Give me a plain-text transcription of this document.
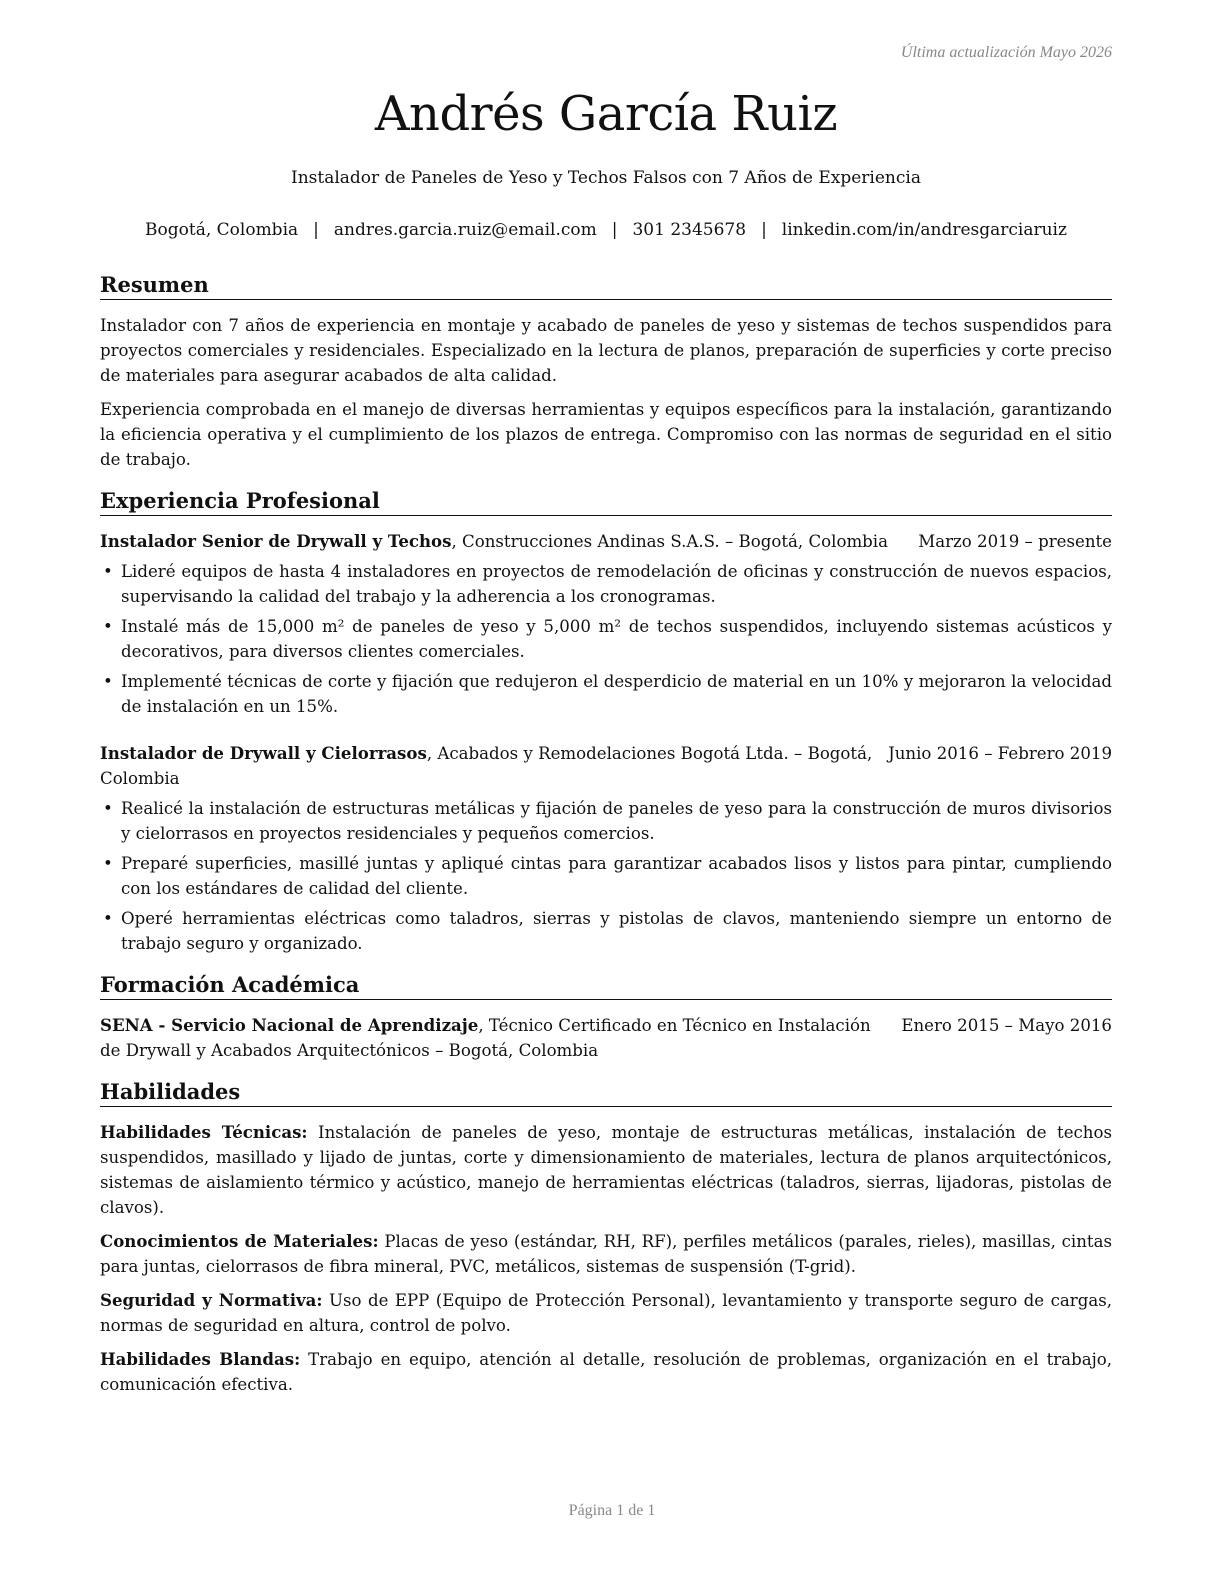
Última actualización Mayo 2026
Andrés García Ruiz
Instalador de Paneles de Yeso y Techos Falsos con 7 Años de Experiencia
Bogotá, Colombia | andres.garcia.ruiz@email.com | 301 2345678 | linkedin.com/in/andresgarciaruiz
Resumen

Instalador con 7 años de experiencia en montaje y acabado de paneles de yeso y sistemas de techos suspendidos para proyectos comerciales y residenciales. Especializado en la lectura de planos, preparación de superficies y corte preciso de materiales para asegurar acabados de alta calidad.

Experiencia comprobada en el manejo de diversas herramientas y equipos específicos para la instalación, garantizando la eficiencia operativa y el cumplimiento de los plazos de entrega. Compromiso con las normas de seguridad en el sitio de trabajo.

Experiencia Profesional
Instalador Senior de Drywall y Techos, Construcciones Andinas S.A.S. – Bogotá, Colombia	Marzo 2019 – presente
• Lideré equipos de hasta 4 instaladores en proyectos de remodelación de oficinas y construcción de nuevos espacios, supervisando la calidad del trabajo y la adherencia a los cronogramas.
• Instalé más de 15,000 m² de paneles de yeso y 5,000 m² de techos suspendidos, incluyendo sistemas acústicos y decorativos, para diversos clientes comerciales.
• Implementé técnicas de corte y fijación que redujeron el desperdicio de material en un 10% y mejoraron la velocidad de instalación en un 15%.
Instalador de Drywall y Cielorrasos, Acabados y Remodelaciones Bogotá Ltda. – Bogotá, Colombia
Junio 2016 – Febrero 2019
• Realicé la instalación de estructuras metálicas y fijación de paneles de yeso para la construcción de muros divisorios y cielorrasos en proyectos residenciales y pequeños comercios.
• Preparé superficies, masillé juntas y apliqué cintas para garantizar acabados lisos y listos para pintar, cumpliendo con los estándares de calidad del cliente.
• Operé herramientas eléctricas como taladros, sierras y pistolas de clavos, manteniendo siempre un entorno de trabajo seguro y organizado.
Formación Académica
SENA - Servicio Nacional de Aprendizaje, Técnico Certificado en Técnico en Instalación de Drywall y Acabados Arquitectónicos – Bogotá, Colombia
Enero 2015 – Mayo 2016
Habilidades

Habilidades Técnicas: Instalación de paneles de yeso, montaje de estructuras metálicas, instalación de techos suspendidos, masillado y lijado de juntas, corte y dimensionamiento de materiales, lectura de planos arquitectónicos, sistemas de aislamiento térmico y acústico, manejo de herramientas eléctricas (taladros, sierras, lijadoras, pistolas de clavos).

Conocimientos de Materiales: Placas de yeso (estándar, RH, RF), perfiles metálicos (parales, rieles), masillas, cintas para juntas, cielorrasos de fibra mineral, PVC, metálicos, sistemas de suspensión (T-grid).

Seguridad y Normativa: Uso de EPP (Equipo de Protección Personal), levantamiento y transporte seguro de cargas, normas de seguridad en altura, control de polvo.

Habilidades Blandas: Trabajo en equipo, atención al detalle, resolución de problemas, organización en el trabajo, comunicación efectiva.

Página 1 de 1
